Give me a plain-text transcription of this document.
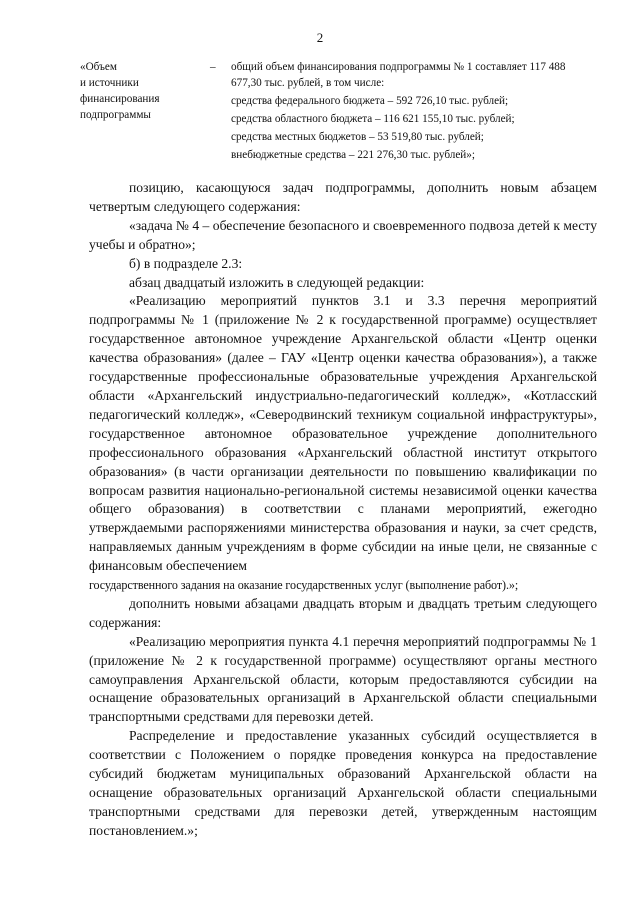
2
«Объем
и источники
финансирования
подпрограммы
– общий объем финансирования подпрограммы № 1 составляет 117 488 677,30 тыс. рублей, в том числе:
средства федерального бюджета – 592 726,10 тыс. рублей;
средства областного бюджета – 116 621 155,10 тыс. рублей;
средства местных бюджетов – 53 519,80 тыс. рублей;
внебюджетные средства – 221 276,30 тыс. рублей»;

позицию, касающуюся задач подпрограммы, дополнить новым абзацем четвертым следующего содержания:

«задача № 4 – обеспечение безопасного и своевременного подвоза детей к месту учебы и обратно»;

б) в подразделе 2.3:

абзац двадцатый изложить в следующей редакции:

«Реализацию мероприятий пунктов 3.1 и 3.3 перечня мероприятий подпрограммы № 1 (приложение № 2 к государственной программе) осуществляет государственное автономное учреждение Архангельской области «Центр оценки качества образования» (далее – ГАУ «Центр оценки качества образования»), а также государственные профессиональные образовательные учреждения Архангельской области «Архангельский индустриально-педагогический колледж», «Котласский педагогический колледж», «Северодвинский техникум социальной инфраструктуры», государственное автономное образовательное учреждение дополнительного профессионального образования «Архангельский областной институт открытого образования» (в части организации деятельности по повышению квалификации по вопросам развития национально-региональной системы независимой оценки качества общего образования) в соответствии с планами мероприятий, ежегодно утверждаемыми распоряжениями министерства образования и науки, за счет средств, направляемых данным учреждениям в форме субсидии на иные цели, не связанные с финансовым обеспечением

государственного задания на оказание государственных услуг (выполнение работ).»;

дополнить новыми абзацами двадцать вторым и двадцать третьим следующего содержания:

«Реализацию мероприятия пункта 4.1 перечня мероприятий подпрограммы № 1 (приложение № 2 к государственной программе) осуществляют органы местного самоуправления Архангельской области, которым предоставляются субсидии на оснащение образовательных организаций в Архангельской области специальными транспортными средствами для перевозки детей.

Распределение и предоставление указанных субсидий осуществляется в соответствии с Положением о порядке проведения конкурса на предоставление субсидий бюджетам муниципальных образований Архангельской области на оснащение образовательных организаций Архангельской области специальными транспортными средствами для перевозки детей, утвержденным настоящим постановлением.»;
